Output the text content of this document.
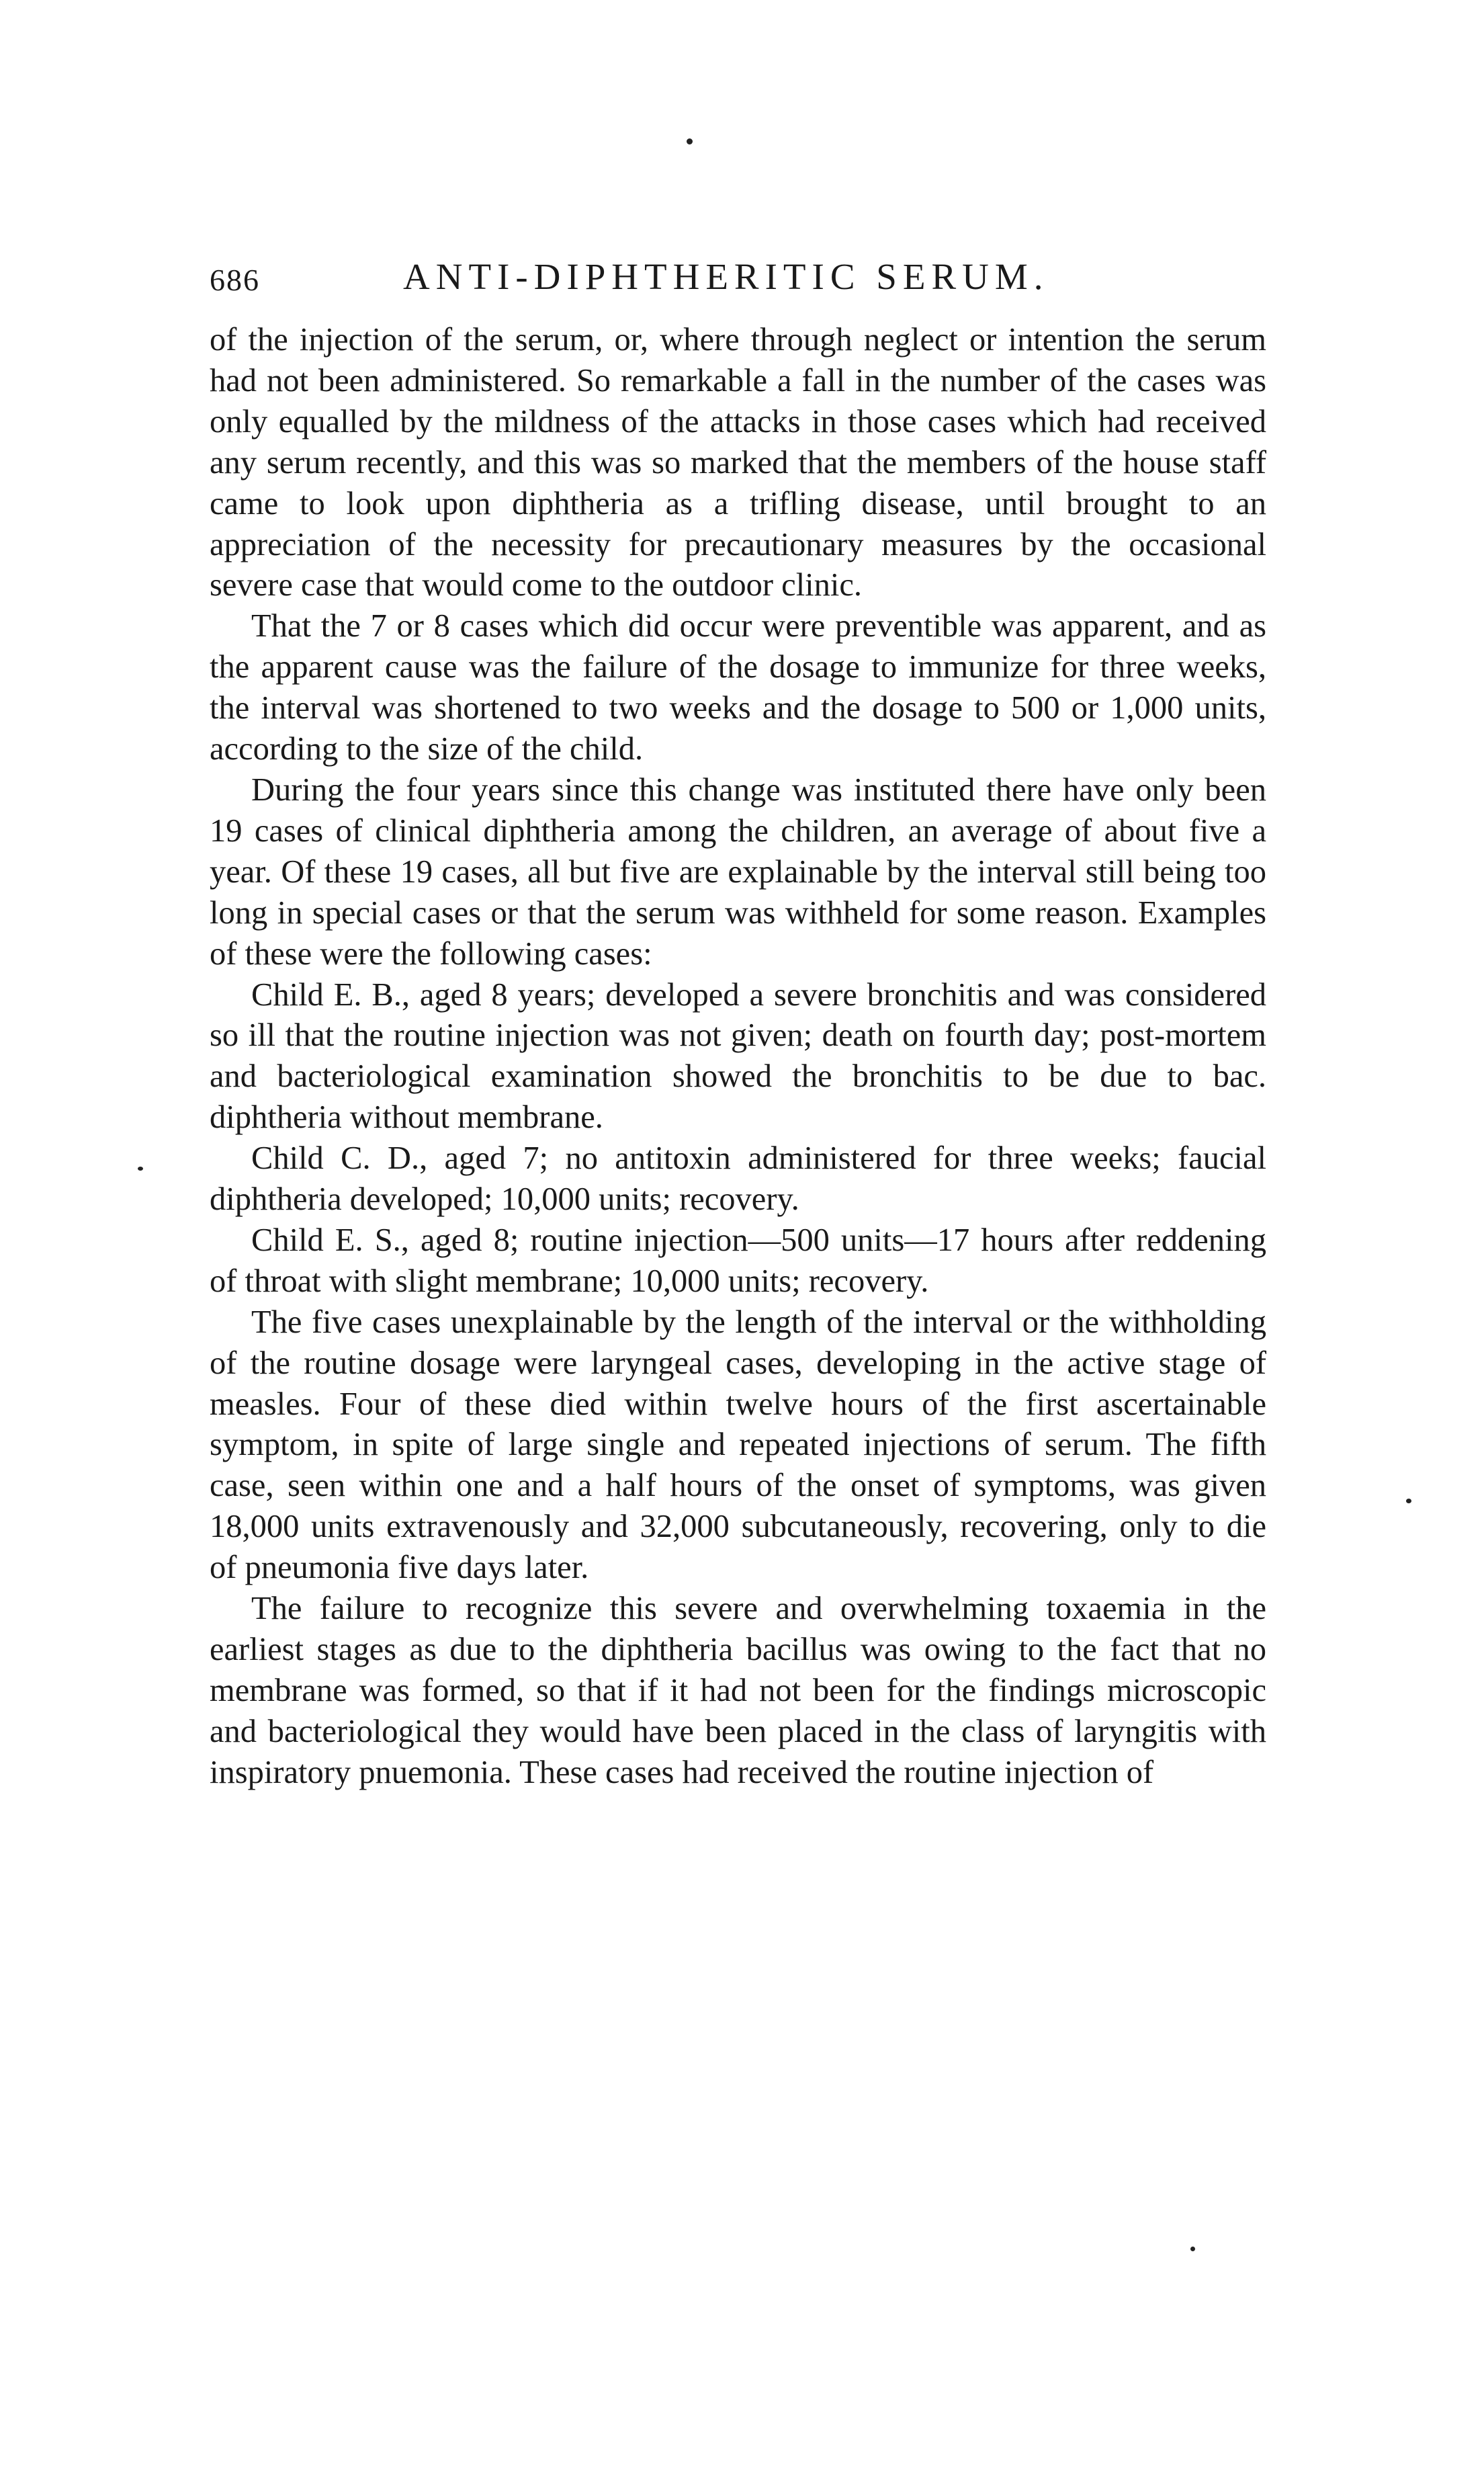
686	ANTI-DIPHTHERITIC SERUM.

of the injection of the serum, or, where through neglect or intention the serum had not been administered. So remarkable a fall in the number of the cases was only equalled by the mildness of the attacks in those cases which had received any serum recently, and this was so marked that the members of the house staff came to look upon diphtheria as a trifling disease, until brought to an appreciation of the necessity for precautionary measures by the occasional severe case that would come to the outdoor clinic.

That the 7 or 8 cases which did occur were preventible was apparent, and as the apparent cause was the failure of the dosage to immunize for three weeks, the interval was shortened to two weeks and the dosage to 500 or 1,000 units, according to the size of the child.

During the four years since this change was instituted there have only been 19 cases of clinical diphtheria among the children, an average of about five a year. Of these 19 cases, all but five are explainable by the interval still being too long in special cases or that the serum was withheld for some reason. Examples of these were the following cases:

Child E. B., aged 8 years; developed a severe bronchitis and was considered so ill that the routine injection was not given; death on fourth day; post-mortem and bacteriological examination showed the bronchitis to be due to bac. diphtheria without membrane.

Child C. D., aged 7; no antitoxin administered for three weeks; faucial diphtheria developed; 10,000 units; recovery.

Child E. S., aged 8; routine injection—500 units—17 hours after reddening of throat with slight membrane; 10,000 units; recovery.

The five cases unexplainable by the length of the interval or the withholding of the routine dosage were laryngeal cases, developing in the active stage of measles. Four of these died within twelve hours of the first ascertainable symptom, in spite of large single and repeated injections of serum. The fifth case, seen within one and a half hours of the onset of symptoms, was given 18,000 units extravenously and 32,000 subcutaneously, recovering, only to die of pneumonia five days later.

The failure to recognize this severe and overwhelming toxaemia in the earliest stages as due to the diphtheria bacillus was owing to the fact that no membrane was formed, so that if it had not been for the findings microscopic and bacteriological they would have been placed in the class of laryngitis with inspiratory pnuemonia. These cases had received the routine injection of
